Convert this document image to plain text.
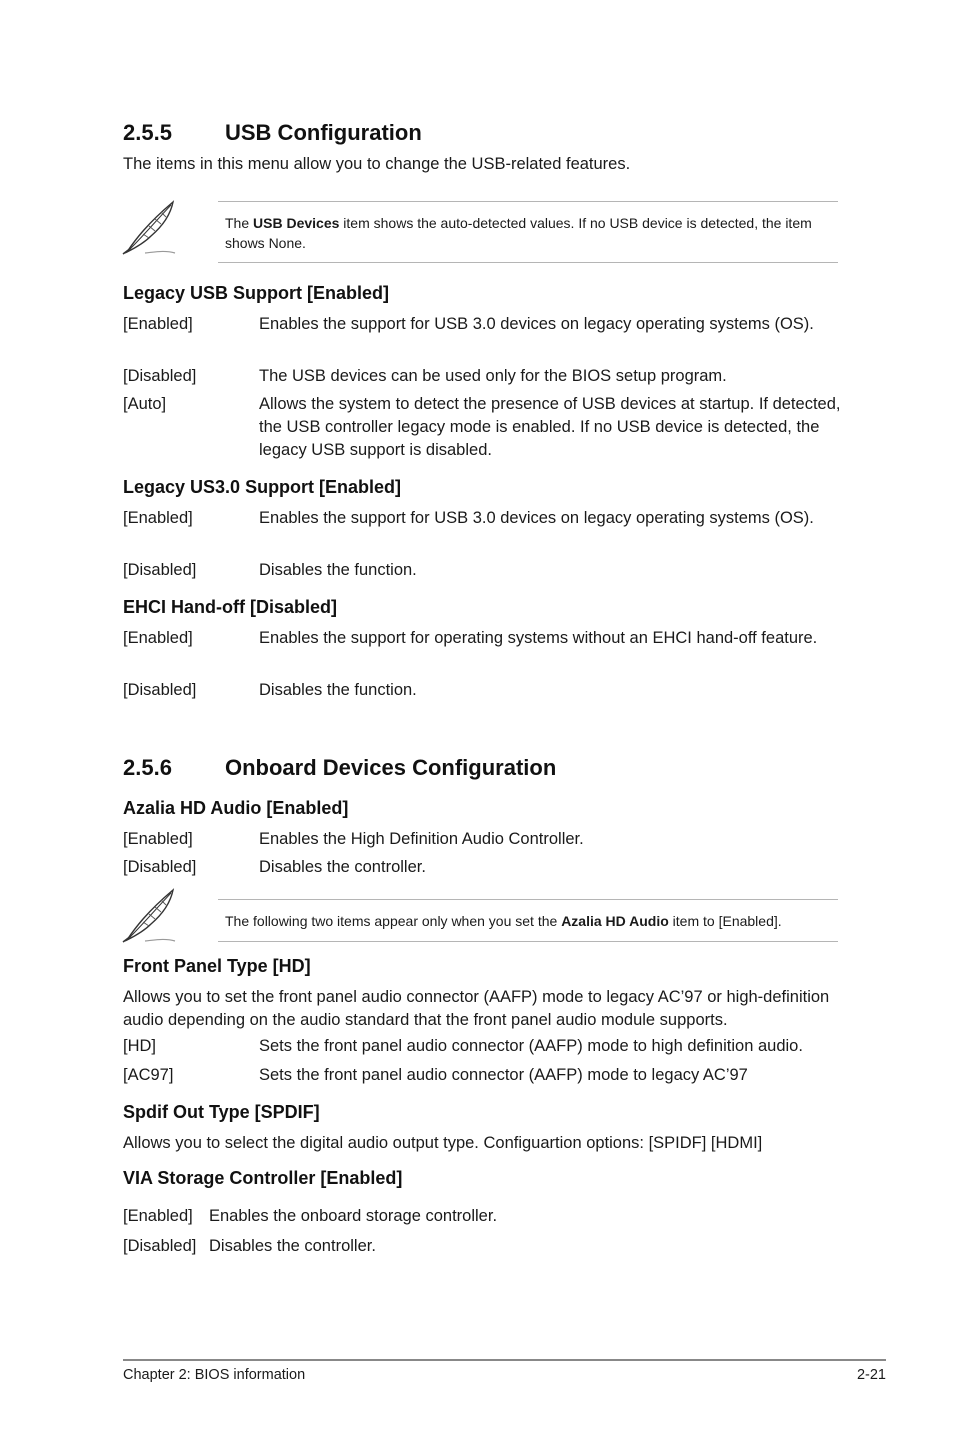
2.5.5 USB Configuration
The items in this menu allow you to change the USB-related features.
The USB Devices item shows the auto-detected values. If no USB device is detected, the item shows None.
Legacy USB Support [Enabled]
[Enabled]	Enables the support for USB 3.0 devices on legacy operating systems (OS).
[Disabled]	The USB devices can be used only for the BIOS setup program.
[Auto]	Allows the system to detect the presence of USB devices at startup. If detected, the USB controller legacy mode is enabled. If no USB device is detected, the legacy USB support is disabled.
Legacy US3.0 Support [Enabled]
[Enabled]	Enables the support for USB 3.0 devices on legacy operating systems (OS).
[Disabled]	Disables the function.
EHCI Hand-off [Disabled]
[Enabled]	Enables the support for operating systems without an EHCI hand-off feature.
[Disabled]	Disables the function.
2.5.6 Onboard Devices Configuration
Azalia HD Audio [Enabled]
[Enabled]	Enables the High Definition Audio Controller.
[Disabled]	Disables the controller.
The following two items appear only when you set the Azalia HD Audio item to [Enabled].
Front Panel Type [HD]
Allows you to set the front panel audio connector (AAFP) mode to legacy AC’97 or high-definition audio depending on the audio standard that the front panel audio module supports.
[HD]	Sets the front panel audio connector (AAFP) mode to high definition audio.
[AC97]	Sets the front panel audio connector (AAFP) mode to legacy AC’97
Spdif Out Type [SPDIF]
Allows you to select the digital audio output type. Configuartion options: [SPIDF] [HDMI]
VIA Storage Controller [Enabled]
[Enabled] Enables the onboard storage controller.
[Disabled] Disables the controller.
Chapter 2: BIOS information	2-21
